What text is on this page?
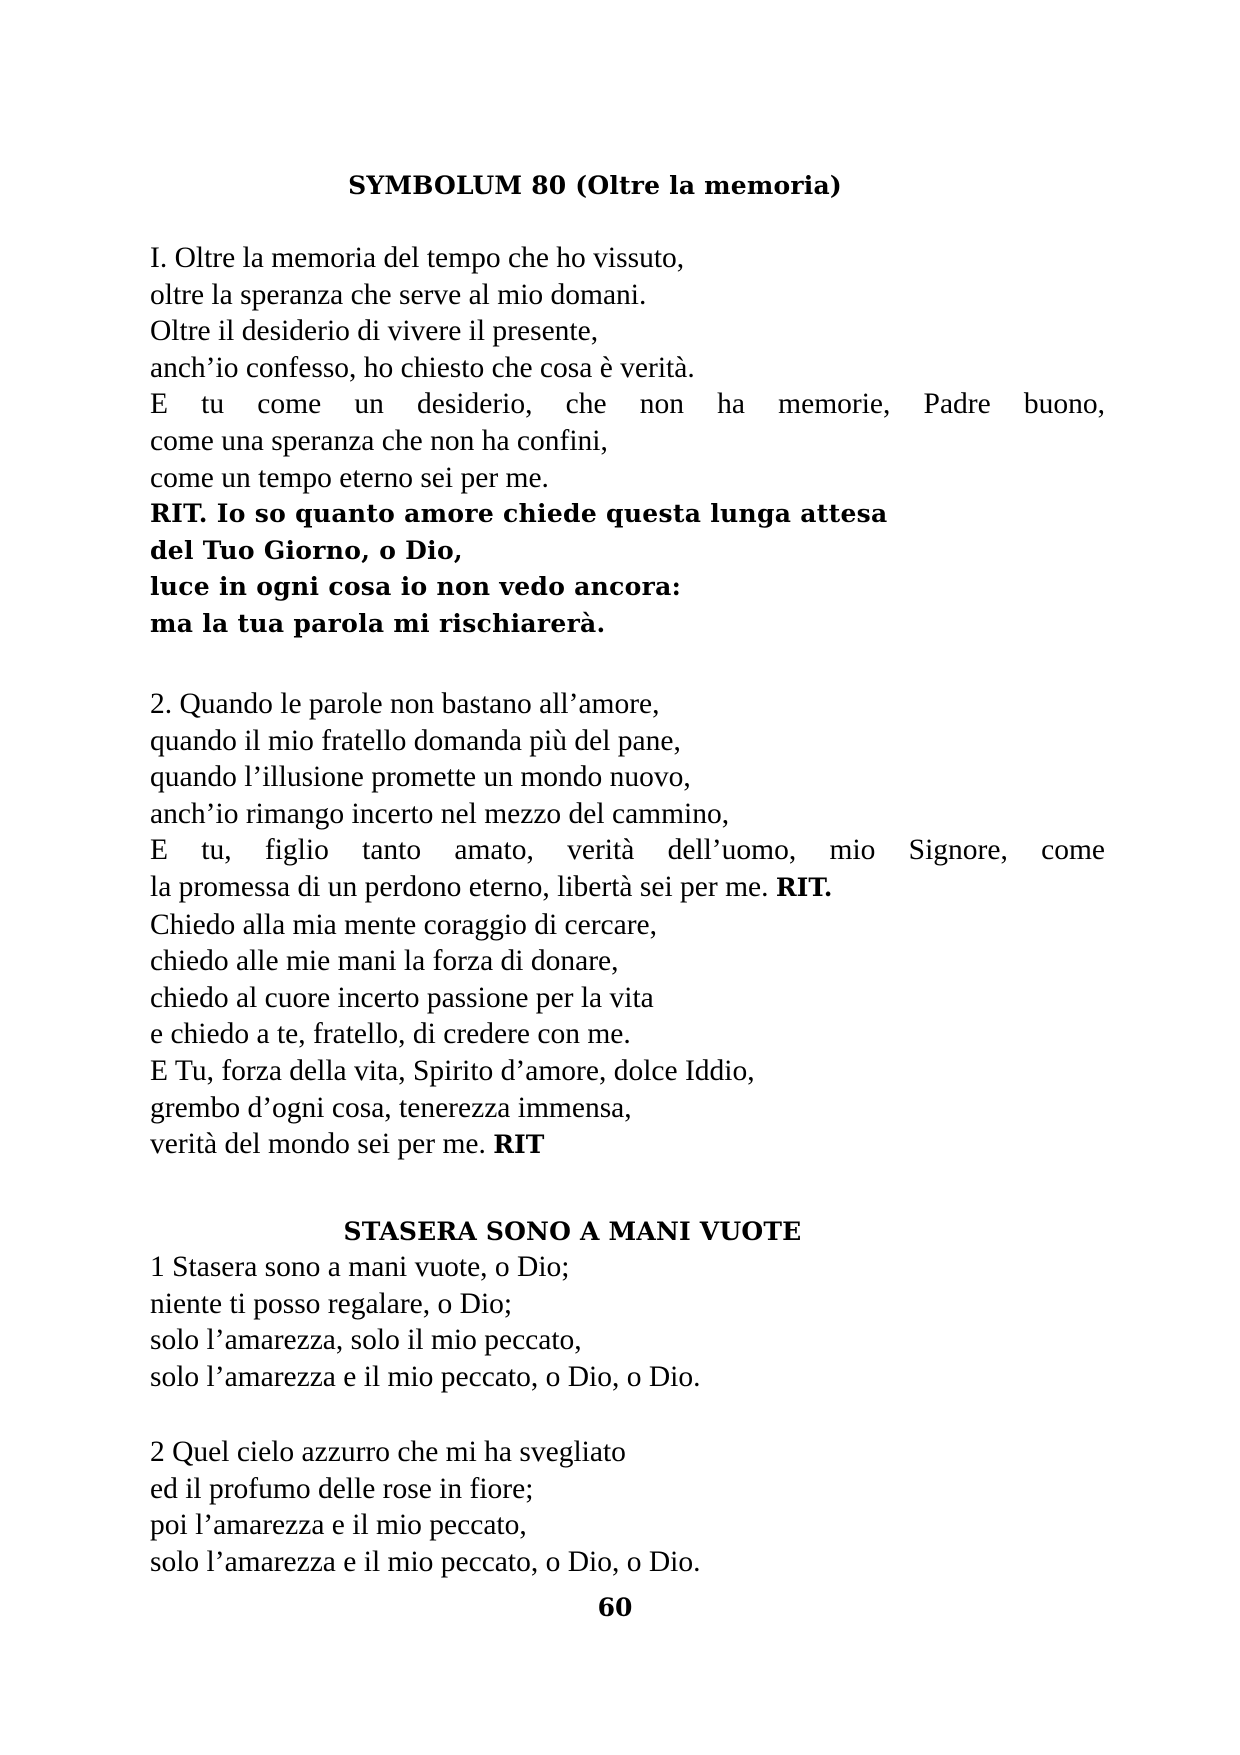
SYMBOLUM 80 (Oltre la memoria)
I. Oltre la memoria del tempo che ho vissuto,
oltre la speranza che serve al mio domani.
Oltre il desiderio di vivere il presente,
anch’io confesso, ho chiesto che cosa è verità.
E tu come un desiderio, che non ha memorie, Padre buono,
come una speranza che non ha confini,
come un tempo eterno sei per me.
RIT. Io so quanto amore chiede questa lunga attesa
del Tuo Giorno, o Dio,
luce in ogni cosa io non vedo ancora:
ma la tua parola mi rischiarerà.
2. Quando le parole non bastano all’amore,
quando il mio fratello domanda più del pane,
quando l’illusione promette un mondo nuovo,
anch’io rimango incerto nel mezzo del cammino,
E tu, figlio tanto amato, verità dell’uomo, mio Signore, come
la promessa di un perdono eterno, libertà sei per me. RIT.
Chiedo alla mia mente coraggio di cercare,
chiedo alle mie mani la forza di donare,
chiedo al cuore incerto passione per la vita
e chiedo a te, fratello, di credere con me.
E Tu, forza della vita, Spirito d’amore, dolce Iddio,
grembo d’ogni cosa, tenerezza immensa,
verità del mondo sei per me. RIT
STASERA SONO A MANI VUOTE
1 Stasera sono a mani vuote, o Dio;
niente ti posso regalare, o Dio;
solo l’amarezza, solo il mio peccato,
solo l’amarezza e il mio peccato, o Dio, o Dio.
2 Quel cielo azzurro che mi ha svegliato
ed il profumo delle rose in fiore;
poi l’amarezza e il mio peccato,
solo l’amarezza e il mio peccato, o Dio, o Dio.
60
